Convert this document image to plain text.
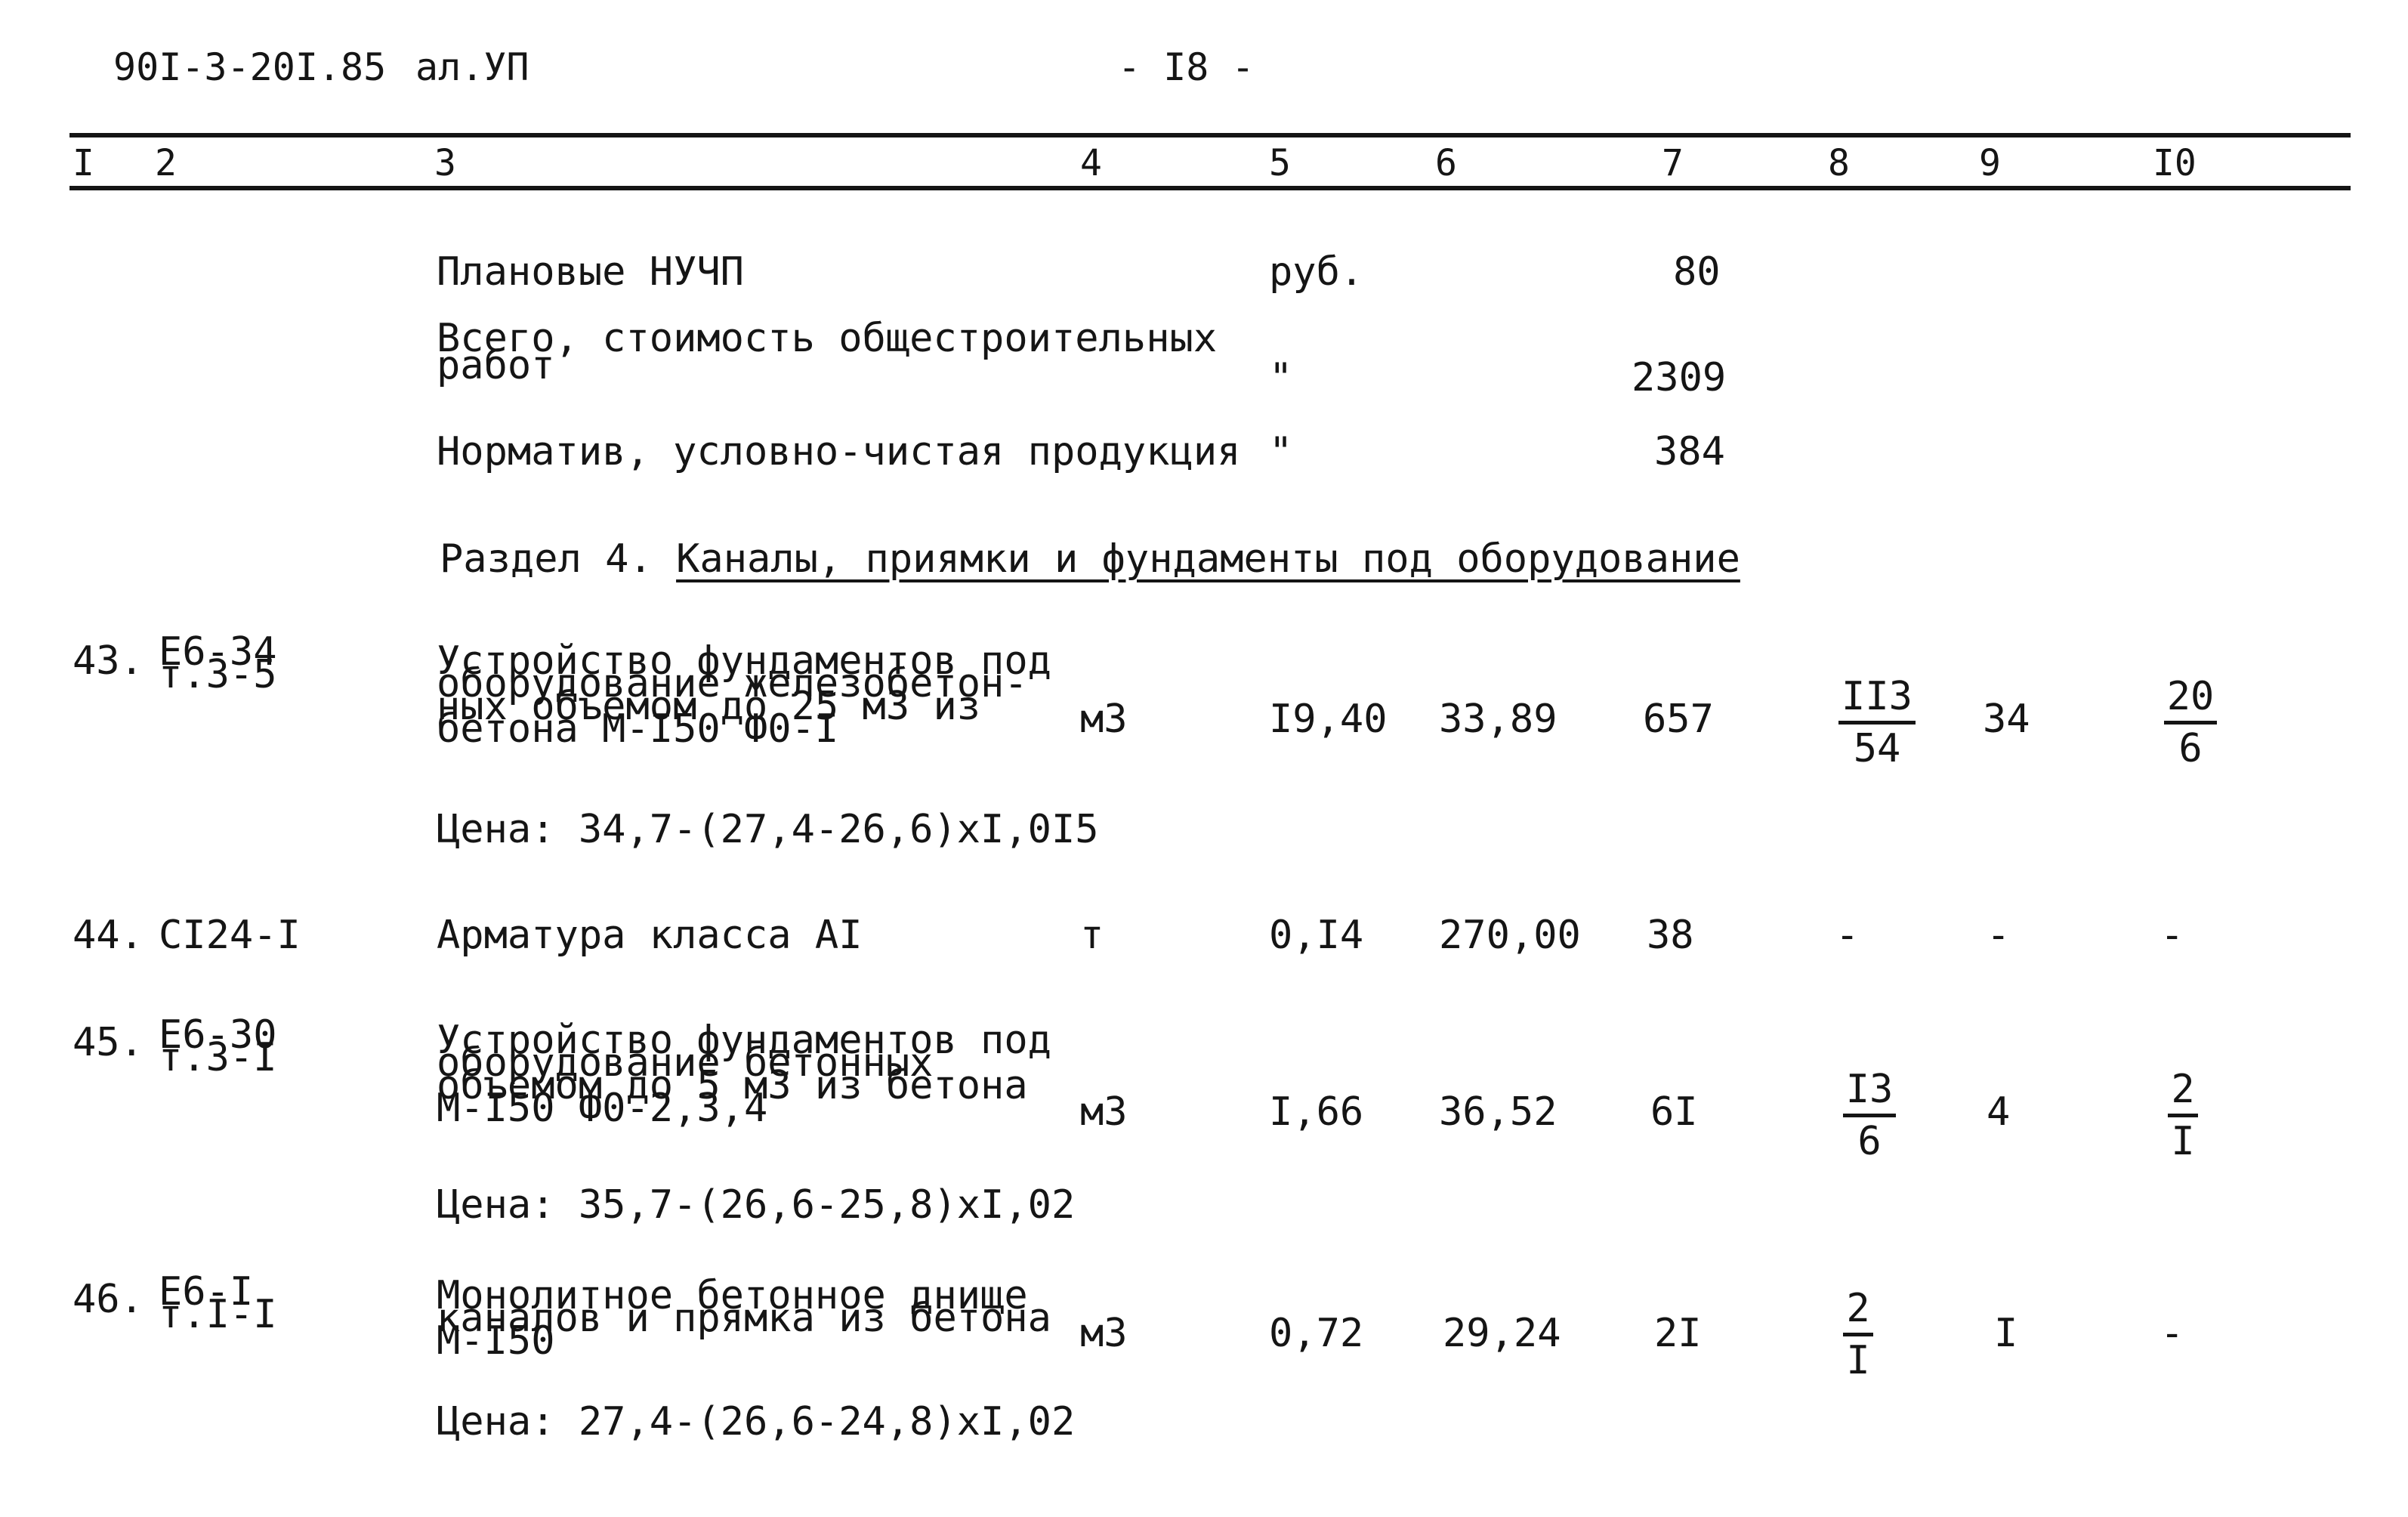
90I-3-20I.85 ал.УП	- I8 -
I 2	3	4	5	6	7	8	9	I0
Плановые НУЧП	руб.	80
Всего, стоимость общестроительных
работ	"	2309
Норматив, условно-чистая продукция "	384
Раздел 4. Каналы, приямки и фундаменты под оборудование
43. Е6-34
т.3-5	Устройство фундаментов под
оборудование железобетон-
ных объемом до 25 м3 из
бетона М-I50 Ф0-I
Цена: 34,7-(27,4-26,6)хI,0I5
м3	I9,40 33,89 657	$\frac{II3}{54} 34$	$\frac{20}{6}$
44. СI24-I	Арматура класса АI	т	0,I4 270,00 38	-	-	-
45. Е6-30
т.3-I	Устройство фундаментов под
оборудование бетонных
объемом до 5 м3 из бетона
М-I50 Ф0-2,3,4
Цена: 35,7-(26,6-25,8)хI,02
м3	I,66 36,52 6I	$\frac{I3}{6} 4$	$\frac{2}{I}$
46. Е6-I
т.I-I	Монолитное бетонное днище
каналов и прямка из бетона
М-I50
Цена: 27,4-(26,6-24,8)хI,02
м3	0,72 29,24 $2I \frac{2}{I}$ I	-
